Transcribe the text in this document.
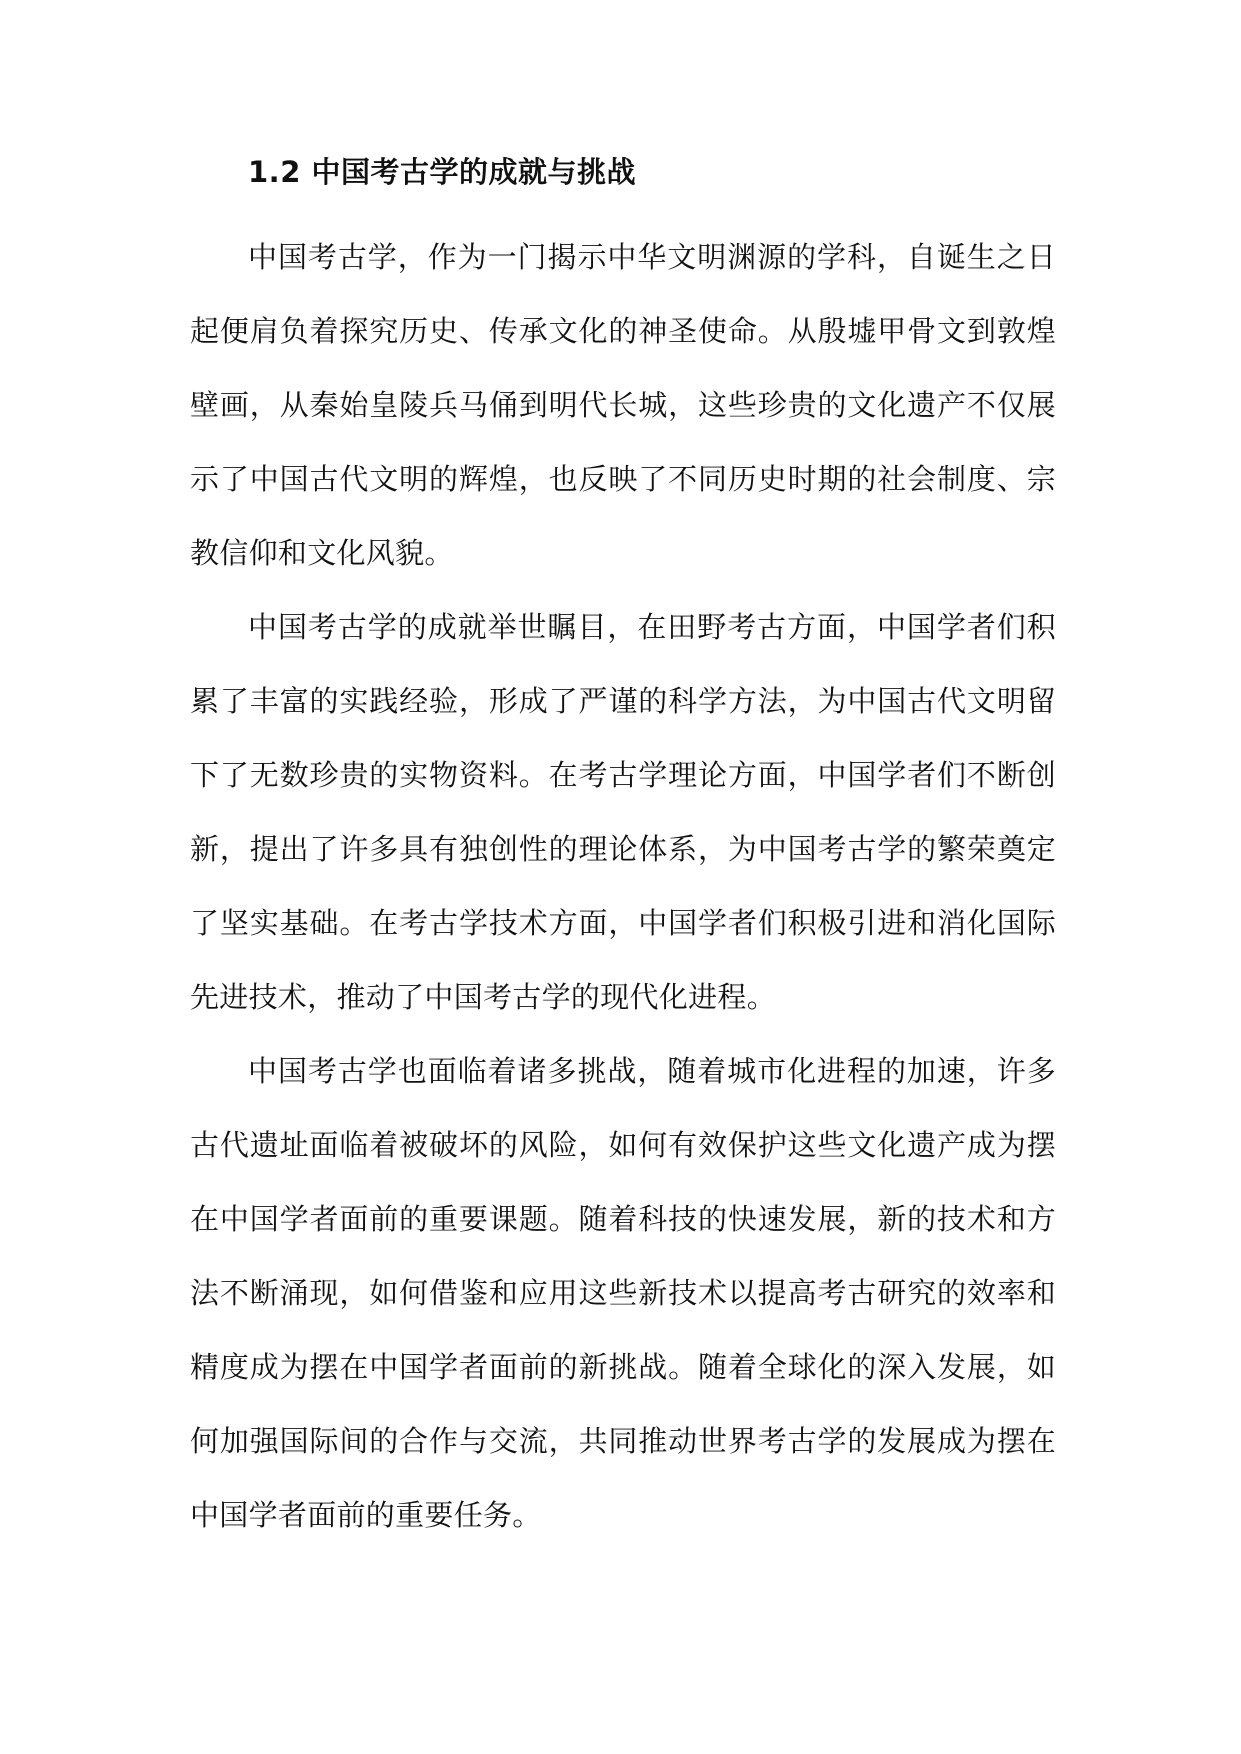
1.2 中国考古学的成就与挑战

中国考古学，作为一门揭示中华文明渊源的学科，自诞生之日起便肩负着探究历史、传承文化的神圣使命。从殷墟甲骨文到敦煌壁画，从秦始皇陵兵马俑到明代长城，这些珍贵的文化遗产不仅展示了中国古代文明的辉煌，也反映了不同历史时期的社会制度、宗教信仰和文化风貌。

中国考古学的成就举世瞩目，在田野考古方面，中国学者们积累了丰富的实践经验，形成了严谨的科学方法，为中国古代文明留下了无数珍贵的实物资料。在考古学理论方面，中国学者们不断创新，提出了许多具有独创性的理论体系，为中国考古学的繁荣奠定了坚实基础。在考古学技术方面，中国学者们积极引进和消化国际先进技术，推动了中国考古学的现代化进程。

中国考古学也面临着诸多挑战，随着城市化进程的加速，许多古代遗址面临着被破坏的风险，如何有效保护这些文化遗产成为摆在中国学者面前的重要课题。随着科技的快速发展，新的技术和方法不断涌现，如何借鉴和应用这些新技术以提高考古研究的效率和精度成为摆在中国学者面前的新挑战。随着全球化的深入发展，如何加强国际间的合作与交流，共同推动世界考古学的发展成为摆在中国学者面前的重要任务。
